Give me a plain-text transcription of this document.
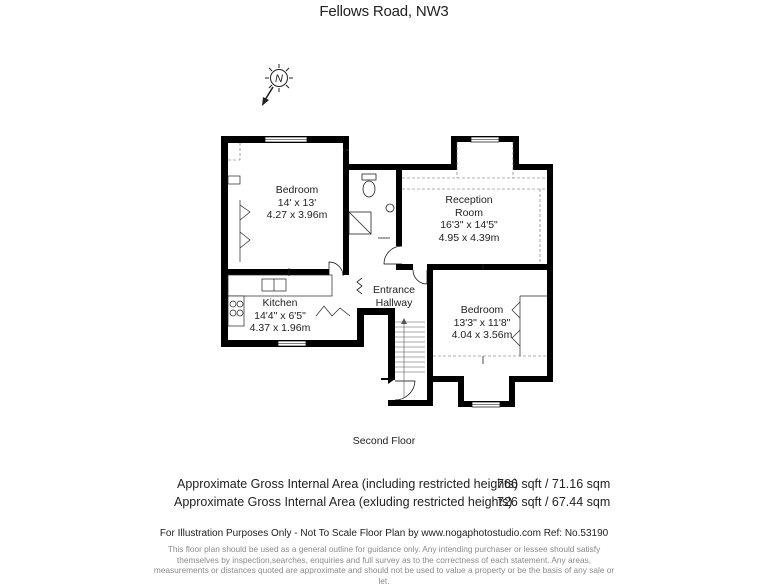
Fellows Road, NW3
N
Bedroom
14' x 13'
4.27 x 3.96m
Reception
Room
16'3" x 14'5"
4.95 x 4.39m
Kitchen
14'4" x 6'5"
4.37 x 1.96m
Entrance
Hallway
Bedroom
13'3" x 11'8"
4.04 x 3.56m
Second Floor
Approximate Gross Internal Area (including restricted heights)
766 sqft / 71.16 sqm
Approximate Gross Internal Area (exluding restricted heights)
726 sqft / 67.44 sqm
For Illustration Purposes Only - Not To Scale Floor Plan by www.nogaphotostudio.com Ref: No.53190
This floor plan should be used as a general outline for guidance only. Any intending purchaser or lessee should satisfy themselves by inspection,searches, enquiries and full survey as to the correctness of each statement. Any areas, measurements or distances quoted are approximate and should not be used to value a property or be the basis of any sale or let.
